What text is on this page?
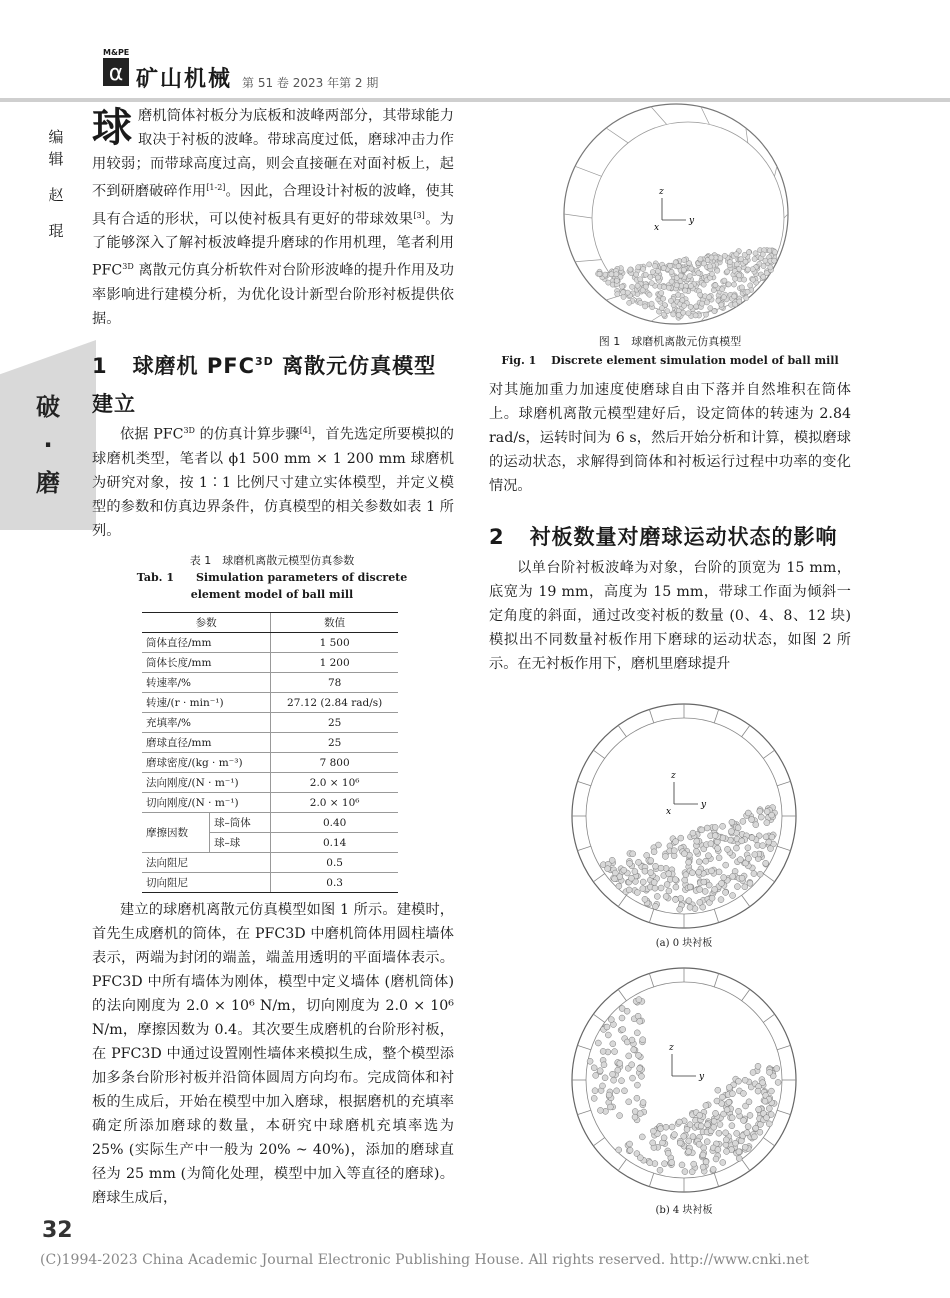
M&PE
α 矿山机械 第 51 卷 2023 年第 2 期
编
辑
赵
琨
破
·
磨
32
(C)1994-2023 China Academic Journal Electronic Publishing House. All rights reserved. http://www.cnki.net
球磨机筒体衬板分为底板和波峰两部分，其带球能力取决于衬板的波峰。带球高度过低，磨球冲击力作用较弱；而带球高度过高，则会直接砸在对面衬板上，起不到研磨破碎作用[1-2]。因此，合理设计衬板的波峰，使其具有合适的形状，可以使衬板具有更好的带球效果[3]。为了能够深入了解衬板波峰提升磨球的作用机理，笔者利用 $PFC^{3D}$ 离散元仿真分析软件对台阶形波峰的提升作用及功率影响进行建模分析，为优化设计新型台阶形衬板提供依据。
1 球磨机 $PFC^{3D}$ 离散元仿真模型
建立
依据 $PFC^{3D}$ 的仿真计算步骤[4]，首先选定所要模拟的球磨机类型，笔者以 ϕ1 500 mm × 1 200 mm 球磨机为研究对象，按 1∶1 比例尺寸建立实体模型，并定义模型的参数和仿真边界条件，仿真模型的相关参数如表 1 所列。
表 1　球磨机离散元模型仿真参数
Tab. 1　　Simulation parameters of discrete
element model of ball mill
参数		数值
筒体直径/mm		1 500
筒体长度/mm		1 200
转速率/%		78
转速/(r · min⁻¹)		27.12 (2.84 rad/s)
充填率/%		25
磨球直径/mm		25
磨球密度/(kg · m⁻³)		7 800
法向刚度/(N · m⁻¹)		2.0 × 10⁶
切向刚度/(N · m⁻¹)		2.0 × 10⁶
摩擦因数	球–筒体	0.40
	球–球	0.14
法向阻尼		0.5
切向阻尼		0.3
建立的球磨机离散元仿真模型如图 1 所示。建模时，首先生成磨机的筒体，在 PFC3D 中磨机筒体用圆柱墙体表示，两端为封闭的端盖，端盖用透明的平面墙体表示。PFC3D 中所有墙体为刚体，模型中定义墙体 (磨机筒体) 的法向刚度为 2.0 × 10⁶ N/m，切向刚度为 2.0 × 10⁶ N/m，摩擦因数为 0.4。其次要生成磨机的台阶形衬板，在 PFC3D 中通过设置刚性墙体来模拟生成，整个模型添加多条台阶形衬板并沿筒体圆周方向均布。完成筒体和衬板的生成后，开始在模型中加入磨球，根据磨机的充填率确定所添加磨球的数量，本研究中球磨机充填率选为 25% (实际生产中一般为 20% ~ 40%)，添加的磨球直径为 25 mm (为简化处理，模型中加入等直径的磨球)。磨球生成后，
z
y
x
图 1　球磨机离散元仿真模型
Fig. 1　 Discrete element simulation model of ball mill
对其施加重力加速度使磨球自由下落并自然堆积在筒体上。球磨机离散元模型建好后，设定筒体的转速为 2.84 rad/s，运转时间为 6 s，然后开始分析和计算，模拟磨球的运动状态，求解得到筒体和衬板运行过程中功率的变化情况。
2 衬板数量对磨球运动状态的影响
以单台阶衬板波峰为对象，台阶的顶宽为 15 mm，底宽为 19 mm，高度为 15 mm，带球工作面为倾斜一定角度的斜面，通过改变衬板的数量 (0、4、8、12 块) 模拟出不同数量衬板作用下磨球的运动状态，如图 2 所示。在无衬板作用下，磨机里磨球提升
z
y
x
(a) 0 块衬板
z
y
(b) 4 块衬板
